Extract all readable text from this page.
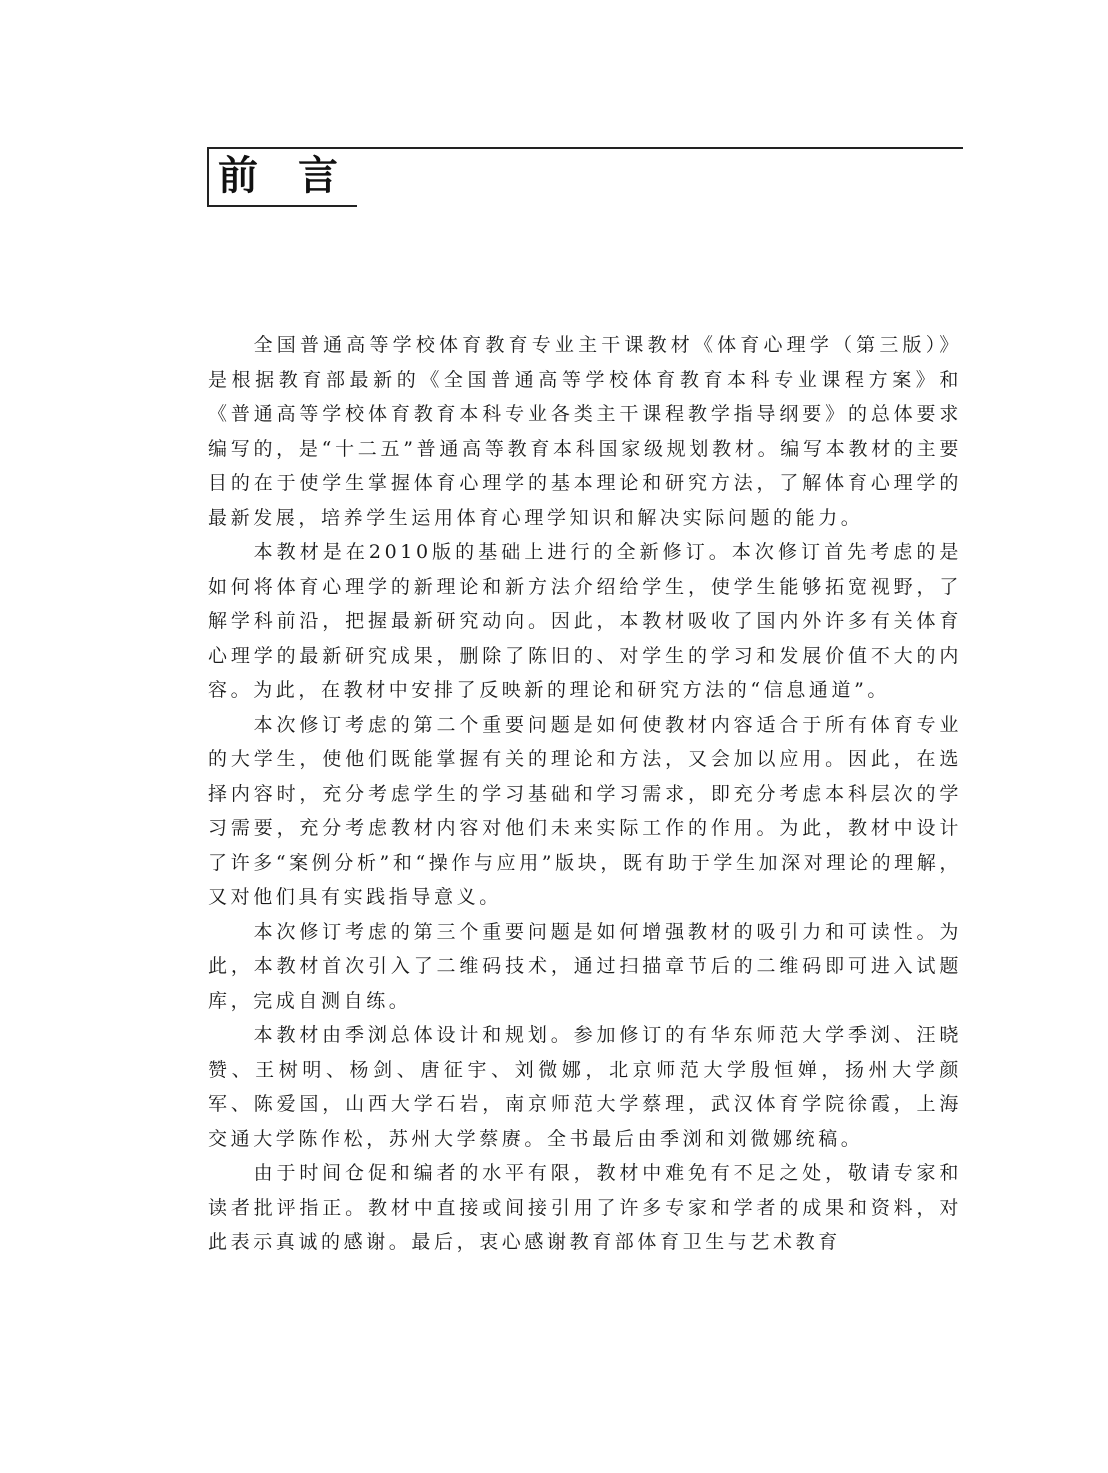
前言

全国普通高等学校体育教育专业主干课教材《体育心理学（第三版）》是根据教育部最新的《全国普通高等学校体育教育本科专业课程方案》和《普通高等学校体育教育本科专业各类主干课程教学指导纲要》的总体要求编写的，是“十二五”普通高等教育本科国家级规划教材。编写本教材的主要目的在于使学生掌握体育心理学的基本理论和研究方法，了解体育心理学的最新发展，培养学生运用体育心理学知识和解决实际问题的能力。

本教材是在2010版的基础上进行的全新修订。本次修订首先考虑的是如何将体育心理学的新理论和新方法介绍给学生，使学生能够拓宽视野，了解学科前沿，把握最新研究动向。因此，本教材吸收了国内外许多有关体育心理学的最新研究成果，删除了陈旧的、对学生的学习和发展价值不大的内容。为此，在教材中安排了反映新的理论和研究方法的“信息通道”。

本次修订考虑的第二个重要问题是如何使教材内容适合于所有体育专业的大学生，使他们既能掌握有关的理论和方法，又会加以应用。因此，在选择内容时，充分考虑学生的学习基础和学习需求，即充分考虑本科层次的学习需要，充分考虑教材内容对他们未来实际工作的作用。为此，教材中设计了许多“案例分析”和“操作与应用”版块，既有助于学生加深对理论的理解，又对他们具有实践指导意义。

本次修订考虑的第三个重要问题是如何增强教材的吸引力和可读性。为此，本教材首次引入了二维码技术，通过扫描章节后的二维码即可进入试题库，完成自测自练。

本教材由季浏总体设计和规划。参加修订的有华东师范大学季浏、汪晓赞、王树明、杨剑、唐征宇、刘微娜，北京师范大学殷恒婵，扬州大学颜军、陈爱国，山西大学石岩，南京师范大学蔡理，武汉体育学院徐霞，上海交通大学陈作松，苏州大学蔡赓。全书最后由季浏和刘微娜统稿。

由于时间仓促和编者的水平有限，教材中难免有不足之处，敬请专家和读者批评指正。教材中直接或间接引用了许多专家和学者的成果和资料，对此表示真诚的感谢。最后，衷心感谢教育部体育卫生与艺术教育
